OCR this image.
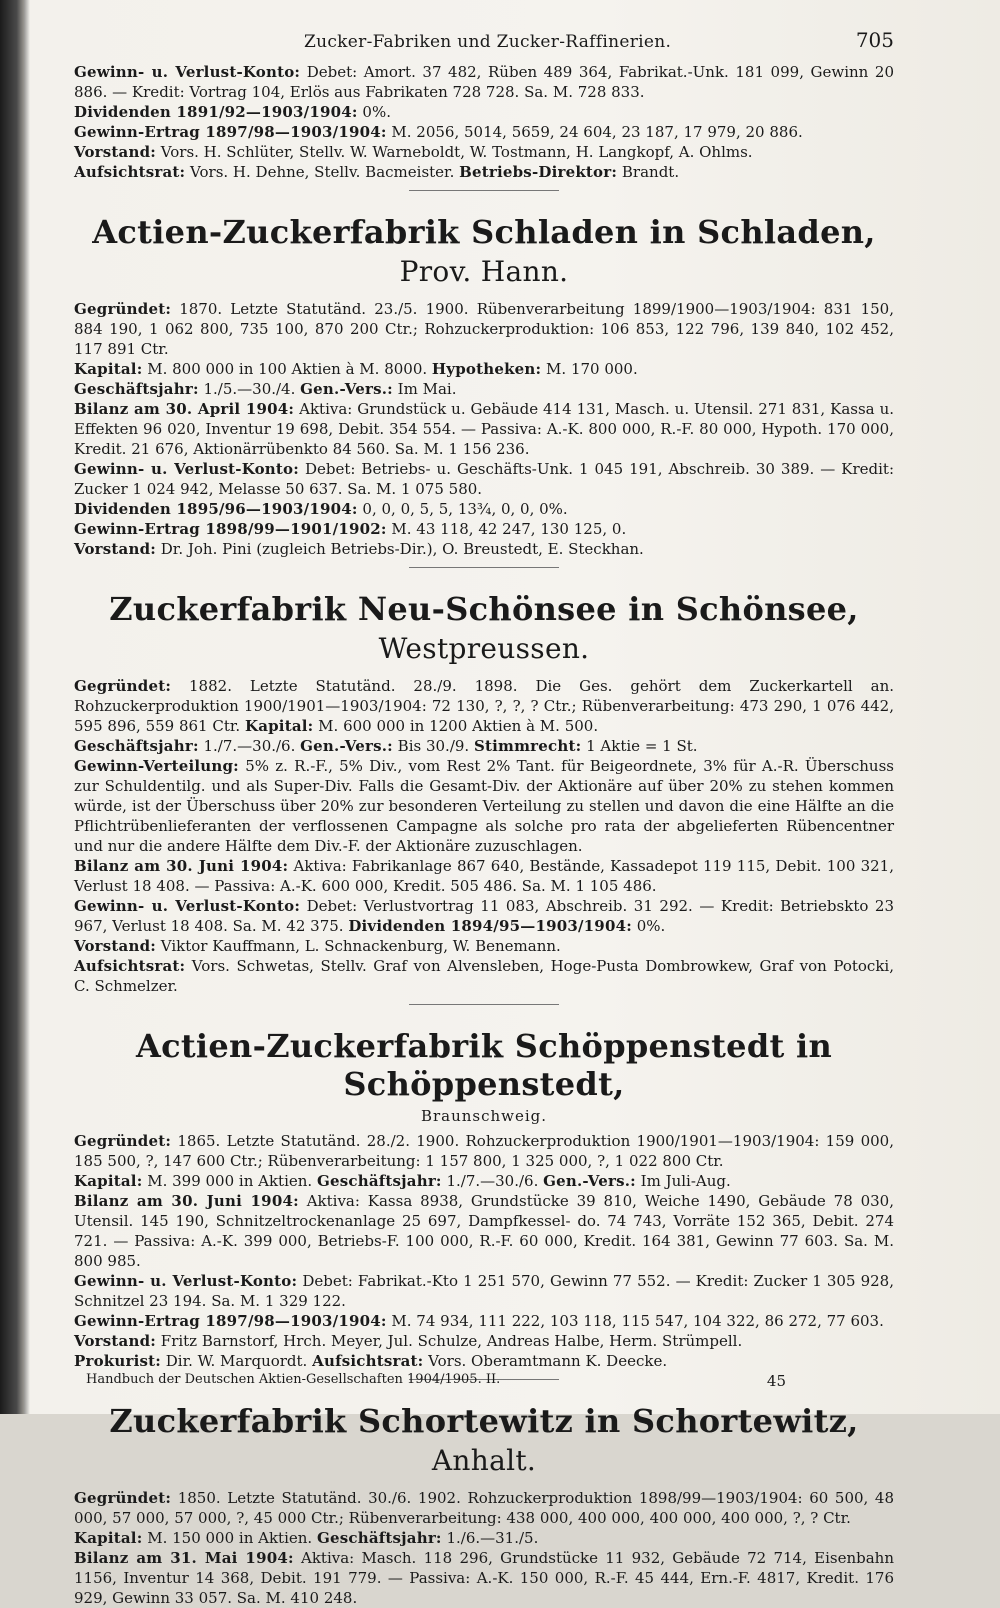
Zucker-Fabriken und Zucker-Raffinerien.	705

Gewinn- u. Verlust-Konto: Debet: Amort. 37 482, Rüben 489 364, Fabrikat.-Unk. 181 099, Gewinn 20 886. — Kredit: Vortrag 104, Erlös aus Fabrikaten 728 728. Sa. M. 728 833.

Dividenden 1891/92—1903/1904: 0%.

Gewinn-Ertrag 1897/98—1903/1904: M. 2056, 5014, 5659, 24 604, 23 187, 17 979, 20 886.

Vorstand: Vors. H. Schlüter, Stellv. W. Warneboldt, W. Tostmann, H. Langkopf, A. Ohlms.

Aufsichtsrat: Vors. H. Dehne, Stellv. Bacmeister. Betriebs-Direktor: Brandt.

Actien-Zuckerfabrik Schladen in Schladen, Prov. Hann.

Gegründet: 1870. Letzte Statutänd. 23./5. 1900. Rübenverarbeitung 1899/1900—1903/1904: 831 150, 884 190, 1 062 800, 735 100, 870 200 Ctr.; Rohzuckerproduktion: 106 853, 122 796, 139 840, 102 452, 117 891 Ctr.

Kapital: M. 800 000 in 100 Aktien à M. 8000. Hypotheken: M. 170 000.

Geschäftsjahr: 1./5.—30./4. Gen.-Vers.: Im Mai.

Bilanz am 30. April 1904: Aktiva: Grundstück u. Gebäude 414 131, Masch. u. Utensil. 271 831, Kassa u. Effekten 96 020, Inventur 19 698, Debit. 354 554. — Passiva: A.-K. 800 000, R.-F. 80 000, Hypoth. 170 000, Kredit. 21 676, Aktionärrübenkto 84 560. Sa. M. 1 156 236.

Gewinn- u. Verlust-Konto: Debet: Betriebs- u. Geschäfts-Unk. 1 045 191, Abschreib. 30 389. — Kredit: Zucker 1 024 942, Melasse 50 637. Sa. M. 1 075 580.

Dividenden 1895/96—1903/1904: 0, 0, 0, 5, 5, 13¾, 0, 0, 0%.

Gewinn-Ertrag 1898/99—1901/1902: M. 43 118, 42 247, 130 125, 0.

Vorstand: Dr. Joh. Pini (zugleich Betriebs-Dir.), O. Breustedt, E. Steckhan.

Zuckerfabrik Neu-Schönsee in Schönsee, Westpreussen.

Gegründet: 1882. Letzte Statutänd. 28./9. 1898. Die Ges. gehört dem Zuckerkartell an. Rohzuckerproduktion 1900/1901—1903/1904: 72 130, ?, ?, ? Ctr.; Rübenverarbeitung: 473 290, 1 076 442, 595 896, 559 861 Ctr. Kapital: M. 600 000 in 1200 Aktien à M. 500.

Geschäftsjahr: 1./7.—30./6. Gen.-Vers.: Bis 30./9. Stimmrecht: 1 Aktie = 1 St.

Gewinn-Verteilung: 5% z. R.-F., 5% Div., vom Rest 2% Tant. für Beigeordnete, 3% für A.-R. Überschuss zur Schuldentilg. und als Super-Div. Falls die Gesamt-Div. der Aktionäre auf über 20% zu stehen kommen würde, ist der Überschuss über 20% zur besonderen Verteilung zu stellen und davon die eine Hälfte an die Pflichtrübenlieferanten der verflossenen Campagne als solche pro rata der abgelieferten Rübencentner und nur die andere Hälfte dem Div.-F. der Aktionäre zuzuschlagen.

Bilanz am 30. Juni 1904: Aktiva: Fabrikanlage 867 640, Bestände, Kassadepot 119 115, Debit. 100 321, Verlust 18 408. — Passiva: A.-K. 600 000, Kredit. 505 486. Sa. M. 1 105 486.

Gewinn- u. Verlust-Konto: Debet: Verlustvortrag 11 083, Abschreib. 31 292. — Kredit: Betriebskto 23 967, Verlust 18 408. Sa. M. 42 375. Dividenden 1894/95—1903/1904: 0%.

Vorstand: Viktor Kauffmann, L. Schnackenburg, W. Benemann.

Aufsichtsrat: Vors. Schwetas, Stellv. Graf von Alvensleben, Hoge-Pusta Dombrowkew, Graf von Potocki, C. Schmelzer.

Actien-Zuckerfabrik Schöppenstedt in Schöppenstedt,
Braunschweig.

Gegründet: 1865. Letzte Statutänd. 28./2. 1900. Rohzuckerproduktion 1900/1901—1903/1904: 159 000, 185 500, ?, 147 600 Ctr.; Rübenverarbeitung: 1 157 800, 1 325 000, ?, 1 022 800 Ctr.

Kapital: M. 399 000 in Aktien. Geschäftsjahr: 1./7.—30./6. Gen.-Vers.: Im Juli-Aug.

Bilanz am 30. Juni 1904: Aktiva: Kassa 8938, Grundstücke 39 810, Weiche 1490, Gebäude 78 030, Utensil. 145 190, Schnitzeltrockenanlage 25 697, Dampfkessel- do. 74 743, Vorräte 152 365, Debit. 274 721. — Passiva: A.-K. 399 000, Betriebs-F. 100 000, R.-F. 60 000, Kredit. 164 381, Gewinn 77 603. Sa. M. 800 985.

Gewinn- u. Verlust-Konto: Debet: Fabrikat.-Kto 1 251 570, Gewinn 77 552. — Kredit: Zucker 1 305 928, Schnitzel 23 194. Sa. M. 1 329 122.

Gewinn-Ertrag 1897/98—1903/1904: M. 74 934, 111 222, 103 118, 115 547, 104 322, 86 272, 77 603.

Vorstand: Fritz Barnstorf, Hrch. Meyer, Jul. Schulze, Andreas Halbe, Herm. Strümpell.

Prokurist: Dir. W. Marquordt. Aufsichtsrat: Vors. Oberamtmann K. Deecke.

Zuckerfabrik Schortewitz in Schortewitz, Anhalt.

Gegründet: 1850. Letzte Statutänd. 30./6. 1902. Rohzuckerproduktion 1898/99—1903/1904: 60 500, 48 000, 57 000, 57 000, ?, 45 000 Ctr.; Rübenverarbeitung: 438 000, 400 000, 400 000, 400 000, ?, ? Ctr.

Kapital: M. 150 000 in Aktien. Geschäftsjahr: 1./6.—31./5.

Bilanz am 31. Mai 1904: Aktiva: Masch. 118 296, Grundstücke 11 932, Gebäude 72 714, Eisenbahn 1156, Inventur 14 368, Debit. 191 779. — Passiva: A.-K. 150 000, R.-F. 45 444, Ern.-F. 4817, Kredit. 176 929, Gewinn 33 057. Sa. M. 410 248.

Handbuch der Deutschen Aktien-Gesellschaften 1904/1905. II.	45
